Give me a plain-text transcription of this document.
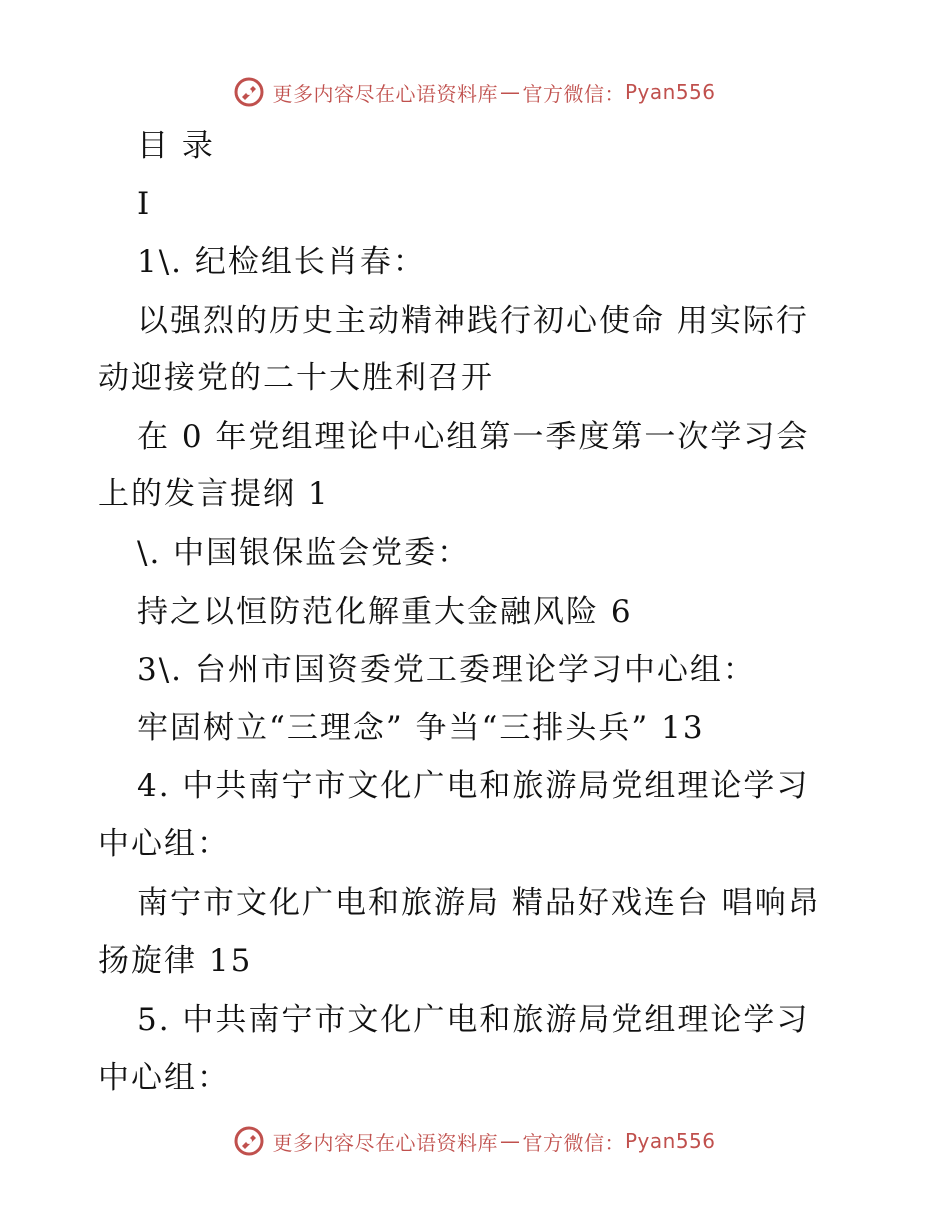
更多内容尽在心语资料库 — 官方微信： Pyan556
目 录
I
1\. 纪检组长肖春：
以强烈的历史主动精神践行初心使命 用实际行
动迎接党的二十大胜利召开
在 0 年党组理论中心组第一季度第一次学习会
上的发言提纲 1
\. 中国银保监会党委：
持之以恒防范化解重大金融风险 6
3\. 台州市国资委党工委理论学习中心组：
牢固树立“三理念” 争当“三排头兵” 13
4. 中共南宁市文化广电和旅游局党组理论学习
中心组：
南宁市文化广电和旅游局 精品好戏连台 唱响昂
扬旋律 15
5. 中共南宁市文化广电和旅游局党组理论学习
中心组：
更多内容尽在心语资料库 — 官方微信： Pyan556
